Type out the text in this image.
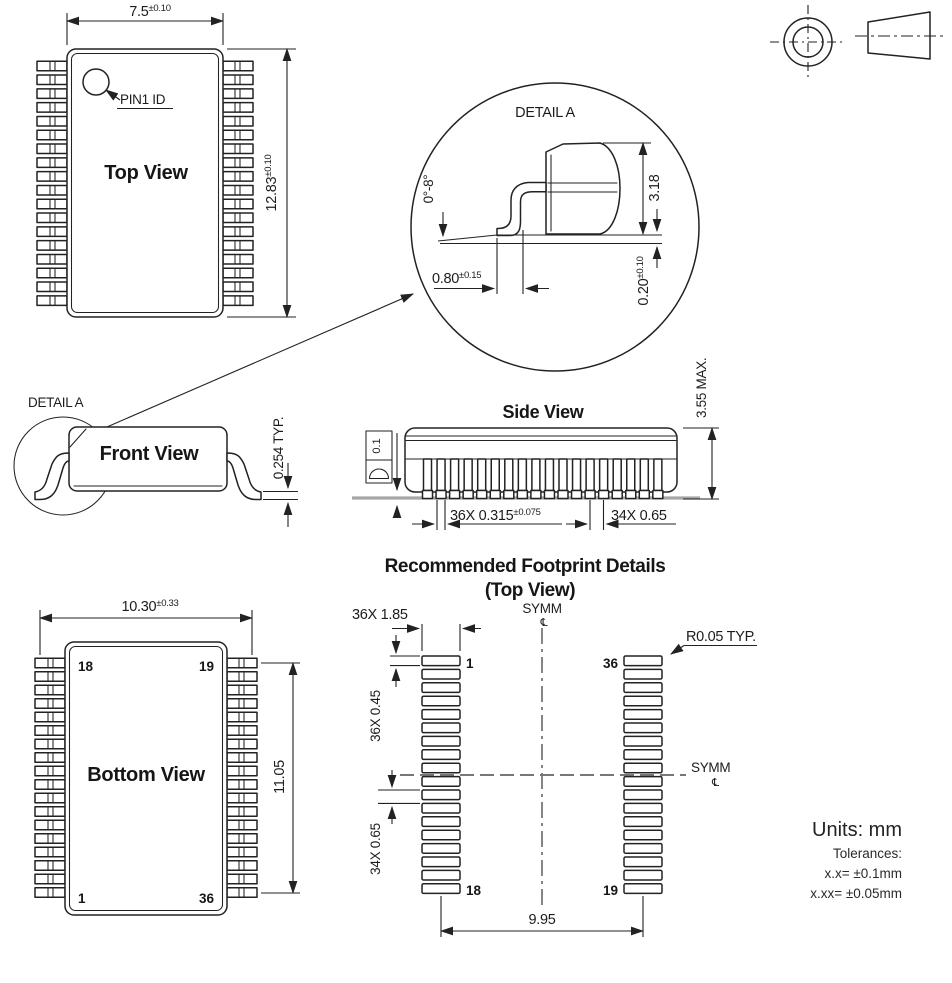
PIN1 ID
Top View
$7.5^{\pm 0.10}$
$12.83^{\pm 0.10}$
DETAIL A
0°-8°	3.18
$0.20^{\pm 0.10}$
$0.80^{\pm 0.15}$
DETAIL A
Front View	0.254 TYP.
Side View
0.1
36X $0.315^{\pm 0.075}$	34X 0.65
3.55 MAX.
Recommended Footprint Details
(Top View)
SYMM
℄
SYMM
℄
36X 1.85
36X 0.45
34X 0.65
9.95
R0.05 TYP.
1	36
18	19
18	19
1	36
Bottom View
$10.30^{\pm 0.33}$
11.05
Units: mm
Tolerances:
x.x= ±0.1mm
x.xx= ±0.05mm
